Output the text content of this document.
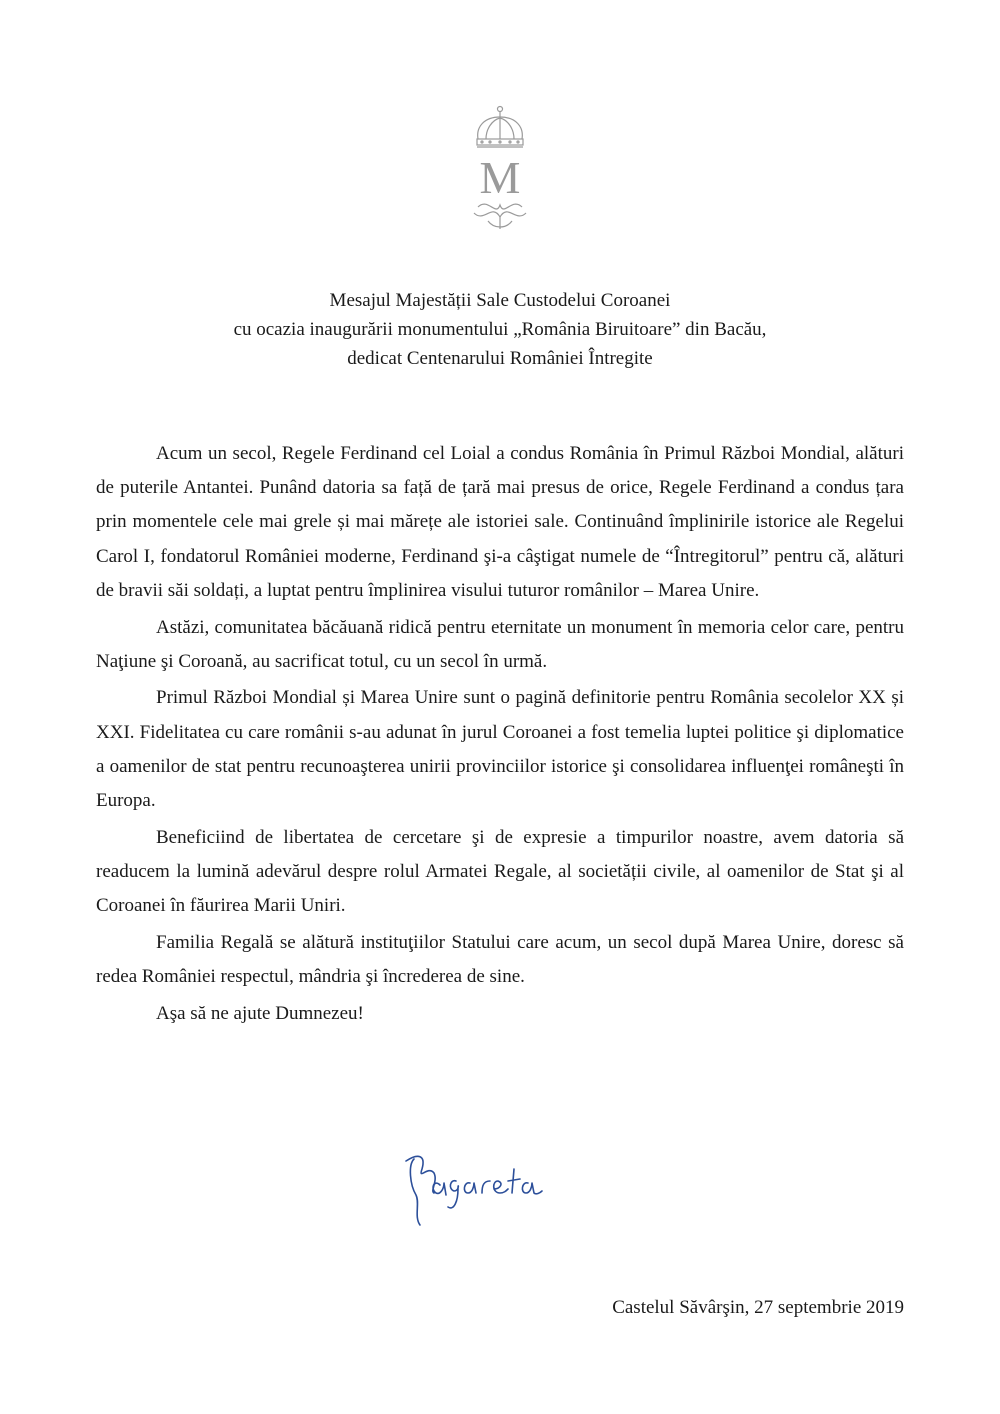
M
Mesajul Majestății Sale Custodelui Coroanei
cu ocazia inaugurării monumentului „România Biruitoare” din Bacău,
dedicat Centenarului României Întregite

Acum un secol, Regele Ferdinand cel Loial a condus România în Primul Război Mondial, alături de puterile Antantei. Punând datoria sa față de țară mai presus de orice, Regele Ferdinand a condus țara prin momentele cele mai grele și mai mărețe ale istoriei sale. Continuând împlinirile istorice ale Regelui Carol I, fondatorul României moderne, Ferdinand şi-a câştigat numele de “Întregitorul” pentru că, alături de bravii săi soldați, a luptat pentru împlinirea visului tuturor românilor – Marea Unire.

Astăzi, comunitatea băcăuană ridică pentru eternitate un monument în memoria celor care, pentru Naţiune şi Coroană, au sacrificat totul, cu un secol în urmă.

Primul Război Mondial și Marea Unire sunt o pagină definitorie pentru România secolelor XX și XXI. Fidelitatea cu care românii s-au adunat în jurul Coroanei a fost temelia luptei politice şi diplomatice a oamenilor de stat pentru recunoaşterea unirii provinciilor istorice şi consolidarea influenţei româneşti în Europa.

Beneficiind de libertatea de cercetare şi de expresie a timpurilor noastre, avem datoria să readucem la lumină adevărul despre rolul Armatei Regale, al societății civile, al oamenilor de Stat şi al Coroanei în făurirea Marii Uniri.

Familia Regală se alătură instituţiilor Statului care acum, un secol după Marea Unire, doresc să redea României respectul, mândria şi încrederea de sine.

Aşa să ne ajute Dumnezeu!

Castelul Săvârşin, 27 septembrie 2019
